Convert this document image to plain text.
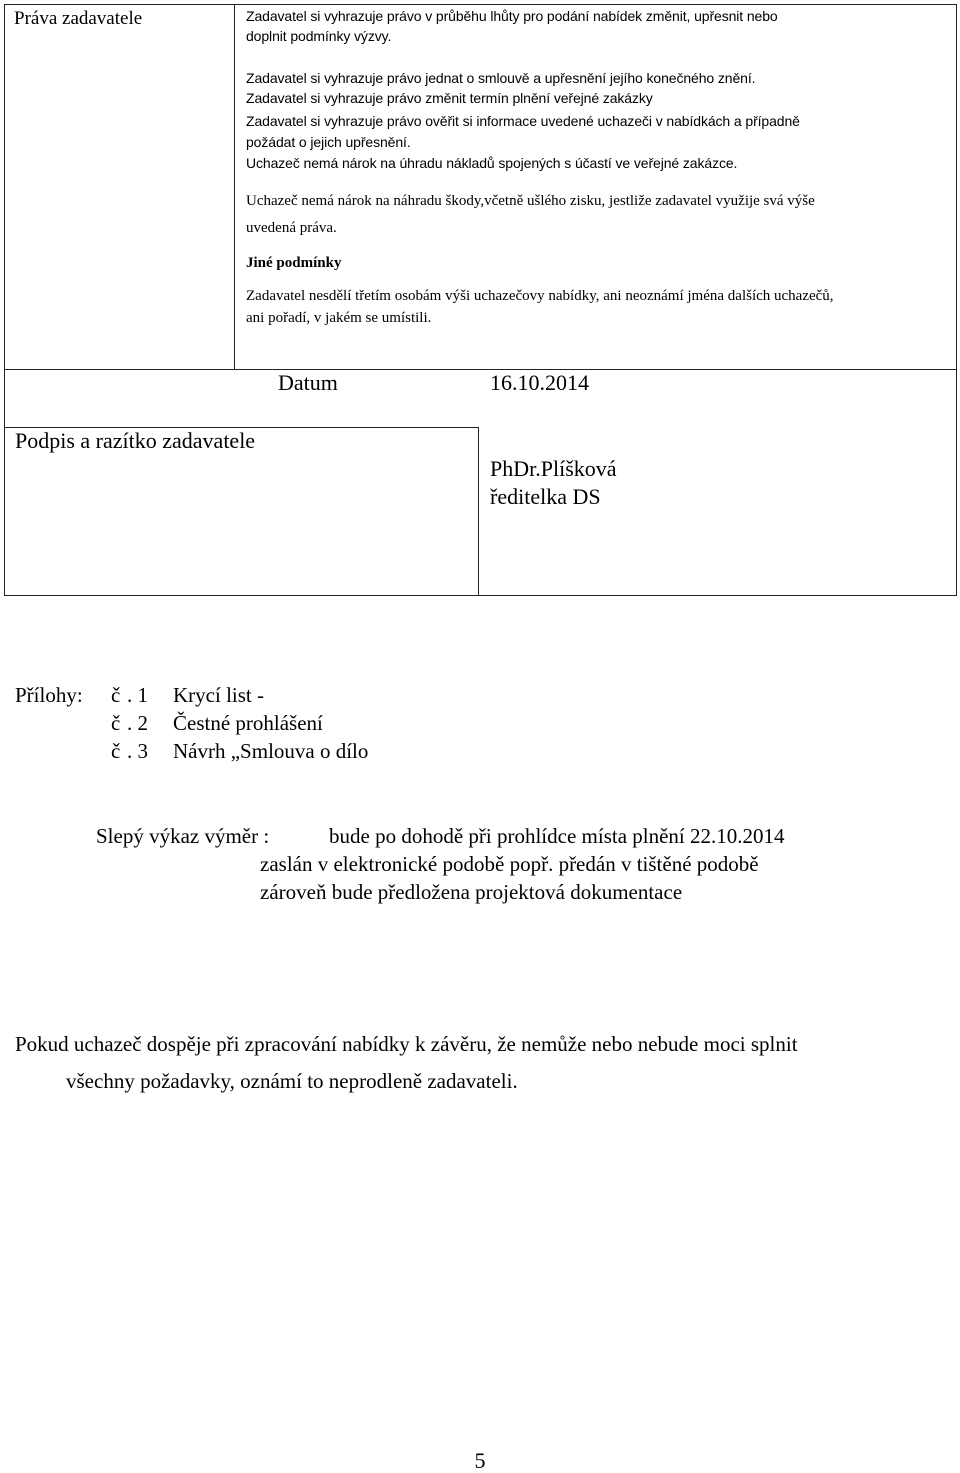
Práva zadavatele	Zadavatel si vyhrazuje právo v průběhu lhůty pro podání nabídek změnit, upřesnit nebo
doplnit podmínky výzvy.
Zadavatel si vyhrazuje právo jednat o smlouvě a upřesnění jejího konečného znění.
Zadavatel si vyhrazuje právo změnit termín plnění veřejné zakázky
Zadavatel si vyhrazuje právo ověřit si informace uvedené uchazeči v nabídkách a případně
požádat o jejich upřesnění.
Uchazeč nemá nárok na úhradu nákladů spojených s účastí ve veřejné zakázce.
Uchazeč nemá nárok na náhradu škody,včetně ušlého zisku, jestliže zadavatel využije svá výše
uvedená práva.
Jiné podmínky
Zadavatel nesdělí třetím osobám výši uchazečovy nabídky, ani neoznámí jména dalších uchazečů,
ani pořadí, v jakém se umístili.
Datum	16.10.2014
Podpis a razítko zadavatele
PhDr.Plíšková
ředitelka DS
Přílohy: č . 1 Krycí list -
č . 2 Čestné prohlášení
č . 3 Návrh „Smlouva o dílo
Slepý výkaz výměr :	bude po dohodě při prohlídce místa plnění 22.10.2014
zaslán v elektronické podobě popř. předán v tištěné podobě
zároveň bude předložena projektová dokumentace
Pokud uchazeč dospěje při zpracování nabídky k závěru, že nemůže nebo nebude moci splnit
všechny požadavky, oznámí to neprodleně zadavateli.
5
